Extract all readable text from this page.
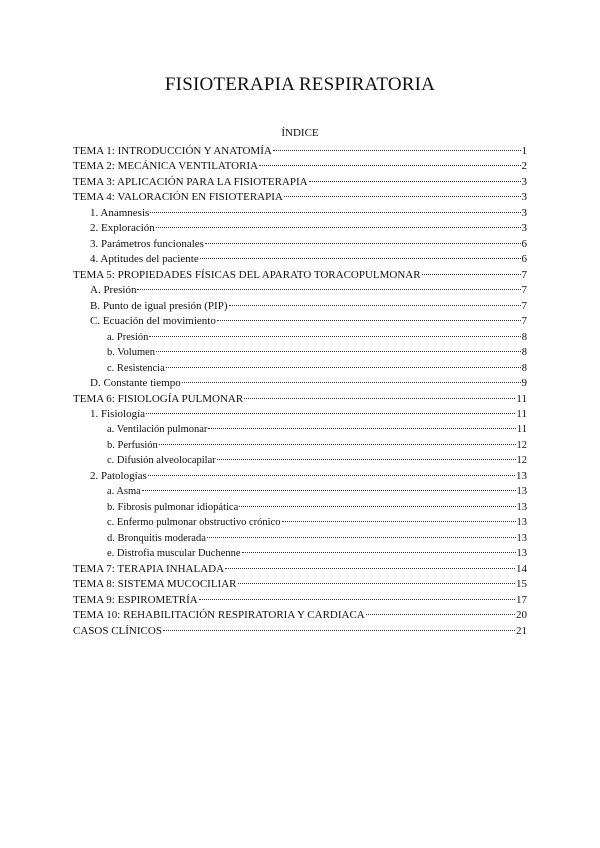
FISIOTERAPIA RESPIRATORIA
ÍNDICE
TEMA 1: INTRODUCCIÓN Y ANATOMÍA	1
TEMA 2: MECÁNICA VENTILATORIA	2
TEMA 3: APLICACIÓN PARA LA FISIOTERAPIA	3
TEMA 4: VALORACIÓN EN FISIOTERAPIA	3
1. Anamnesis	3
2. Exploración	3
3. Parámetros funcionales	6
4. Aptitudes del paciente	6
TEMA 5: PROPIEDADES FÍSICAS DEL APARATO TORACOPULMONAR	7
A. Presión	7
B. Punto de igual presión (PIP)	7
C. Ecuación del movimiento	7
a. Presión	8
b. Volumen	8
c. Resistencia	8
D. Constante tiempo	9
TEMA 6: FISIOLOGÍA PULMONAR	11
1. Fisiología	11
a. Ventilación pulmonar	11
b. Perfusión	12
c. Difusión alveolocapilar	12
2. Patologías	13
a. Asma	13
b. Fibrosis pulmonar idiopática	13
c. Enfermo pulmonar obstructivo crónico	13
d. Bronquitis moderada	13
e. Distrofia muscular Duchenne	13
TEMA 7: TERAPIA INHALADA	14
TEMA 8: SISTEMA MUCOCILIAR	15
TEMA 9: ESPIROMETRÍA	17
TEMA 10: REHABILITACIÓN RESPIRATORIA Y CARDIACA	20
CASOS CLÍNICOS	21
